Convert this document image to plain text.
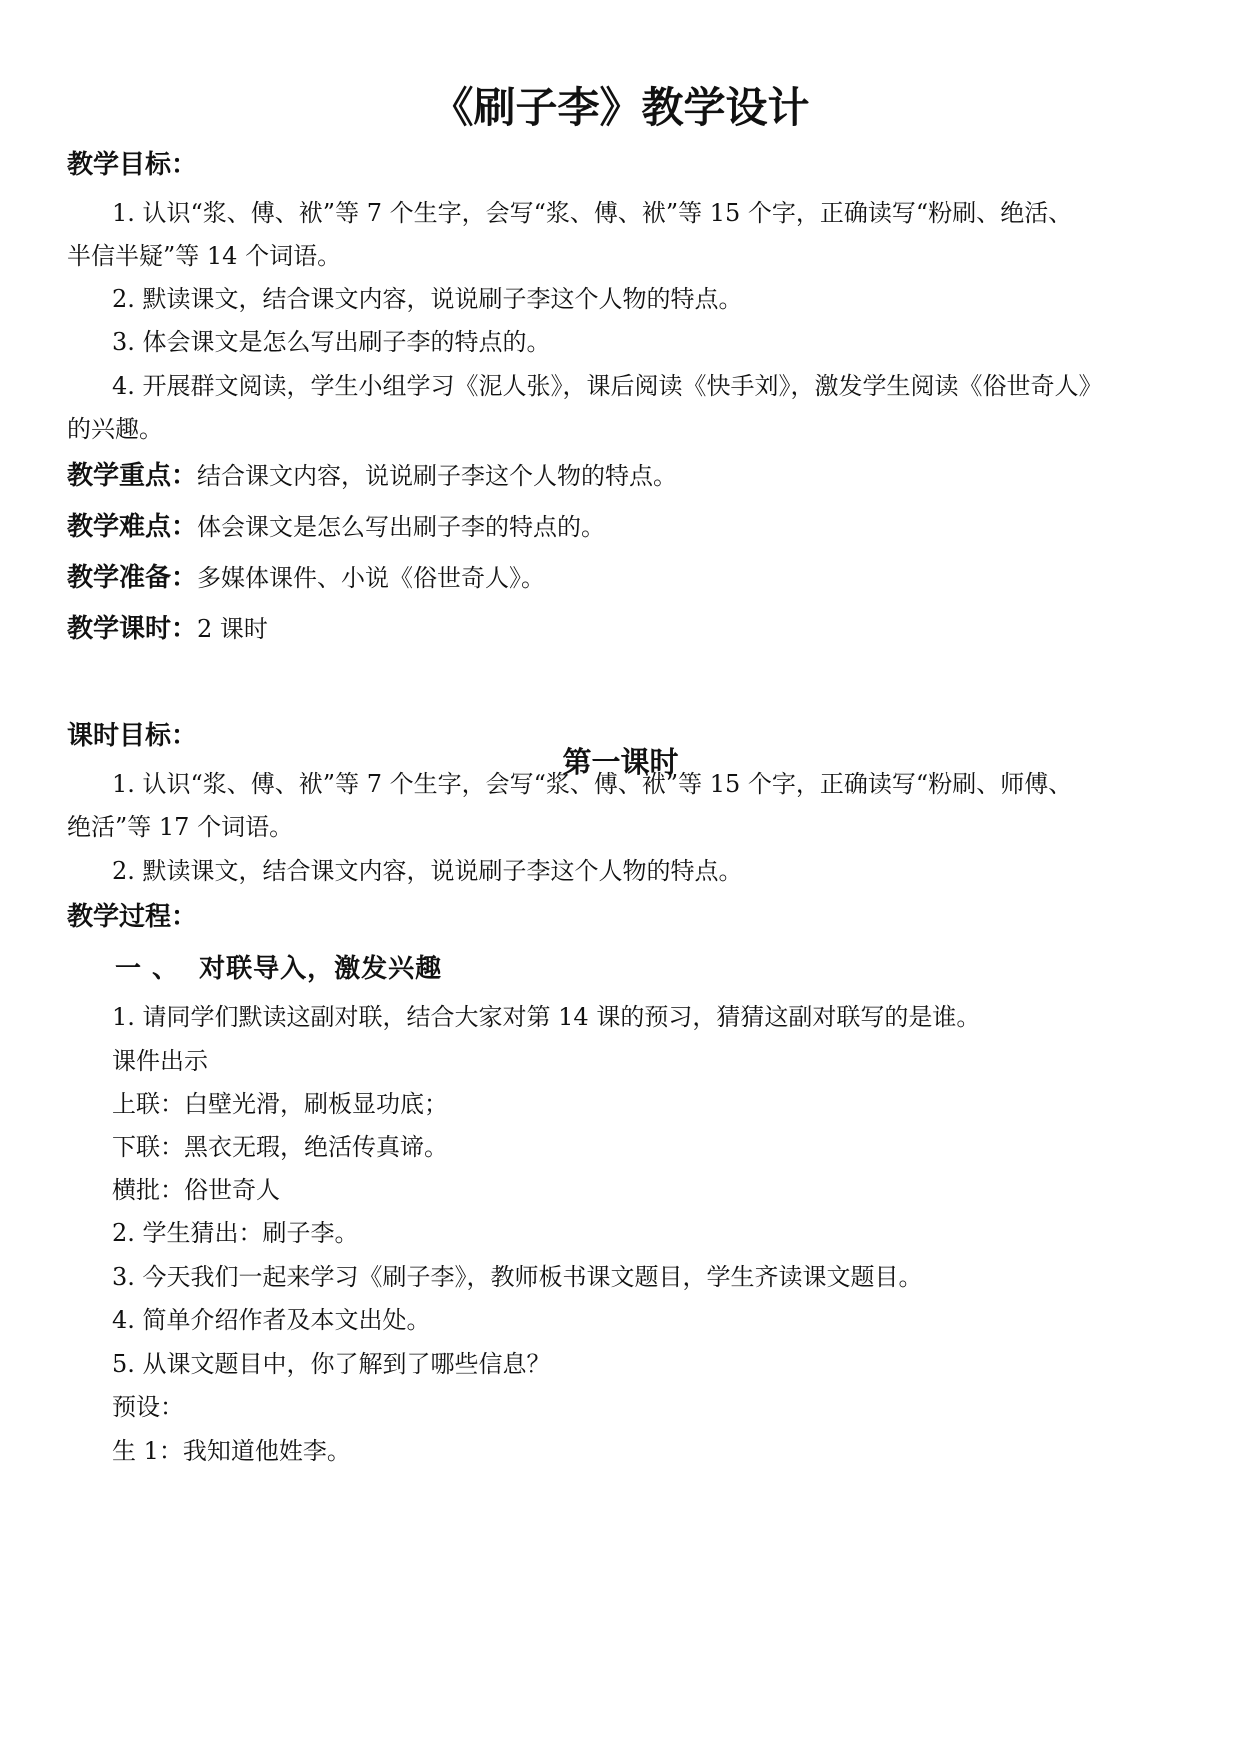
《刷子李》教学设计
教学目标：
1. 认识“浆、傅、袱”等 7 个生字，会写“浆、傅、袱”等 15 个字，正确读写“粉刷、绝活、
半信半疑”等 14 个词语。
2. 默读课文，结合课文内容，说说刷子李这个人物的特点。
3. 体会课文是怎么写出刷子李的特点的。
4. 开展群文阅读，学生小组学习《泥人张》，课后阅读《快手刘》，激发学生阅读《俗世奇人》
的兴趣。
教学重点：结合课文内容，说说刷子李这个人物的特点。
教学难点：体会课文是怎么写出刷子李的特点的。
教学准备：多媒体课件、小说《俗世奇人》。
教学课时：2 课时
第一课时
课时目标：
1. 认识“浆、傅、袱”等 7 个生字，会写“浆、傅、袱”等 15 个字，正确读写“粉刷、师傅、
绝活”等 17 个词语。
2. 默读课文，结合课文内容，说说刷子李这个人物的特点。
教学过程：
一 、  对联导入，激发兴趣
1. 请同学们默读这副对联，结合大家对第 14 课的预习，猜猜这副对联写的是谁。
课件出示
上联：白壁光滑，刷板显功底；
下联：黑衣无瑕，绝活传真谛。
横批：俗世奇人
2. 学生猜出：刷子李。
3. 今天我们一起来学习《刷子李》，教师板书课文题目，学生齐读课文题目。
4. 简单介绍作者及本文出处。
5. 从课文题目中，你了解到了哪些信息？
预设：
生 1：我知道他姓李。
